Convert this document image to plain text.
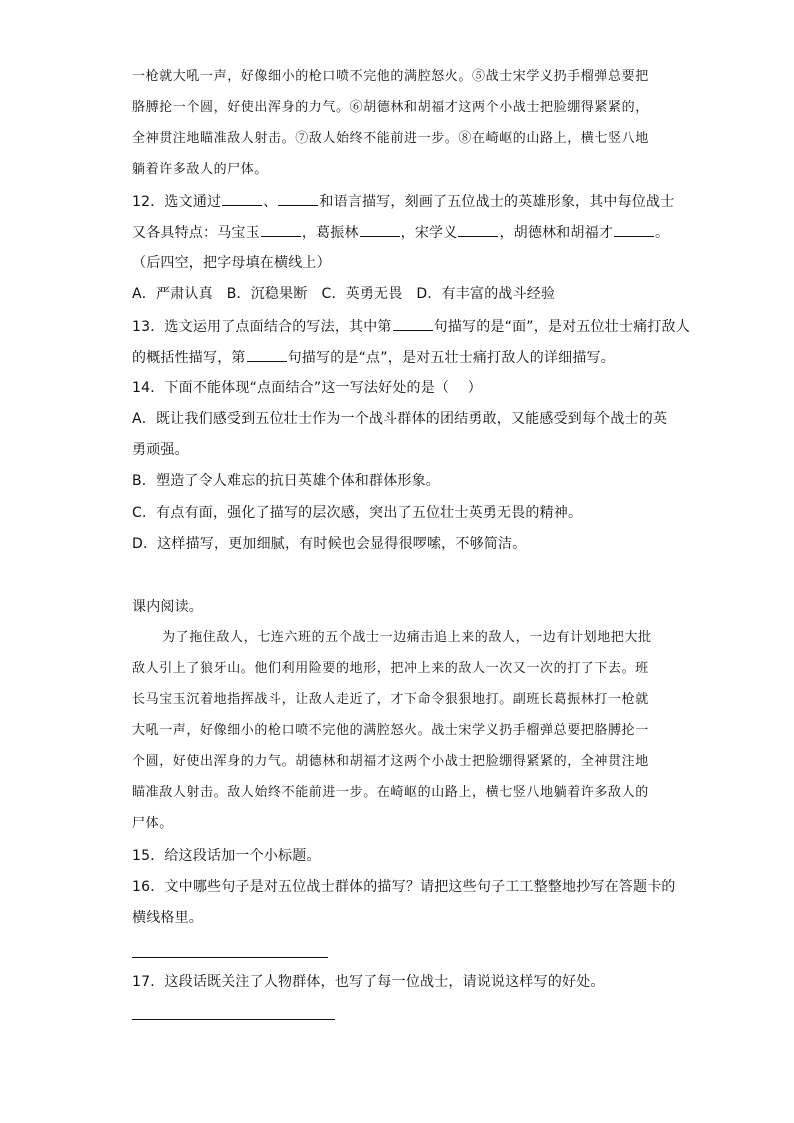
一枪就大吼一声，好像细小的枪口喷不完他的满腔怒火。⑤战士宋学义扔手榴弹总要把
胳膊抡一个圆，好使出浑身的力气。⑥胡德林和胡福才这两个小战士把脸绷得紧紧的，
全神贯注地瞄准敌人射击。⑦敌人始终不能前进一步。⑧在崎岖的山路上，横七竖八地
躺着许多敌人的尸体。
12．选文通过	、	和语言描写，刻画了五位战士的英雄形象，其中每位战士
又各具特点：马宝玉	，葛振林	，宋学义	，胡德林和胡福才	。
（后四空，把字母填在横线上）
A．严肃认真   B．沉稳果断   C．英勇无畏   D．有丰富的战斗经验
13．选文运用了点面结合的写法，其中第	句描写的是“面”，是对五位壮士痛打敌人
的概括性描写，第	句描写的是“点”，是对五壮士痛打敌人的详细描写。
14．下面不能体现“点面结合”这一写法好处的是（    ）
A．既让我们感受到五位壮士作为一个战斗群体的团结勇敢，又能感受到每个战士的英
勇顽强。
B．塑造了令人难忘的抗日英雄个体和群体形象。
C．有点有面，强化了描写的层次感，突出了五位壮士英勇无畏的精神。
D．这样描写，更加细腻，有时候也会显得很啰嗦，不够简洁。
课内阅读。
为了拖住敌人，七连六班的五个战士一边痛击追上来的敌人，一边有计划地把大批
敌人引上了狼牙山。他们利用险要的地形，把冲上来的敌人一次又一次的打了下去。班
长马宝玉沉着地指挥战斗，让敌人走近了，才下命令狠狠地打。副班长葛振林打一枪就
大吼一声，好像细小的枪口喷不完他的满腔怒火。战士宋学义扔手榴弹总要把胳膊抡一
个圆，好使出浑身的力气。胡德林和胡福才这两个小战士把脸绷得紧紧的，全神贯注地
瞄准敌人射击。敌人始终不能前进一步。在崎岖的山路上，横七竖八地躺着许多敌人的
尸体。
15．给这段话加一个小标题。
16．文中哪些句子是对五位战士群体的描写？请把这些句子工工整整地抄写在答题卡的
横线格里。
17．这段话既关注了人物群体，也写了每一位战士，请说说这样写的好处。
